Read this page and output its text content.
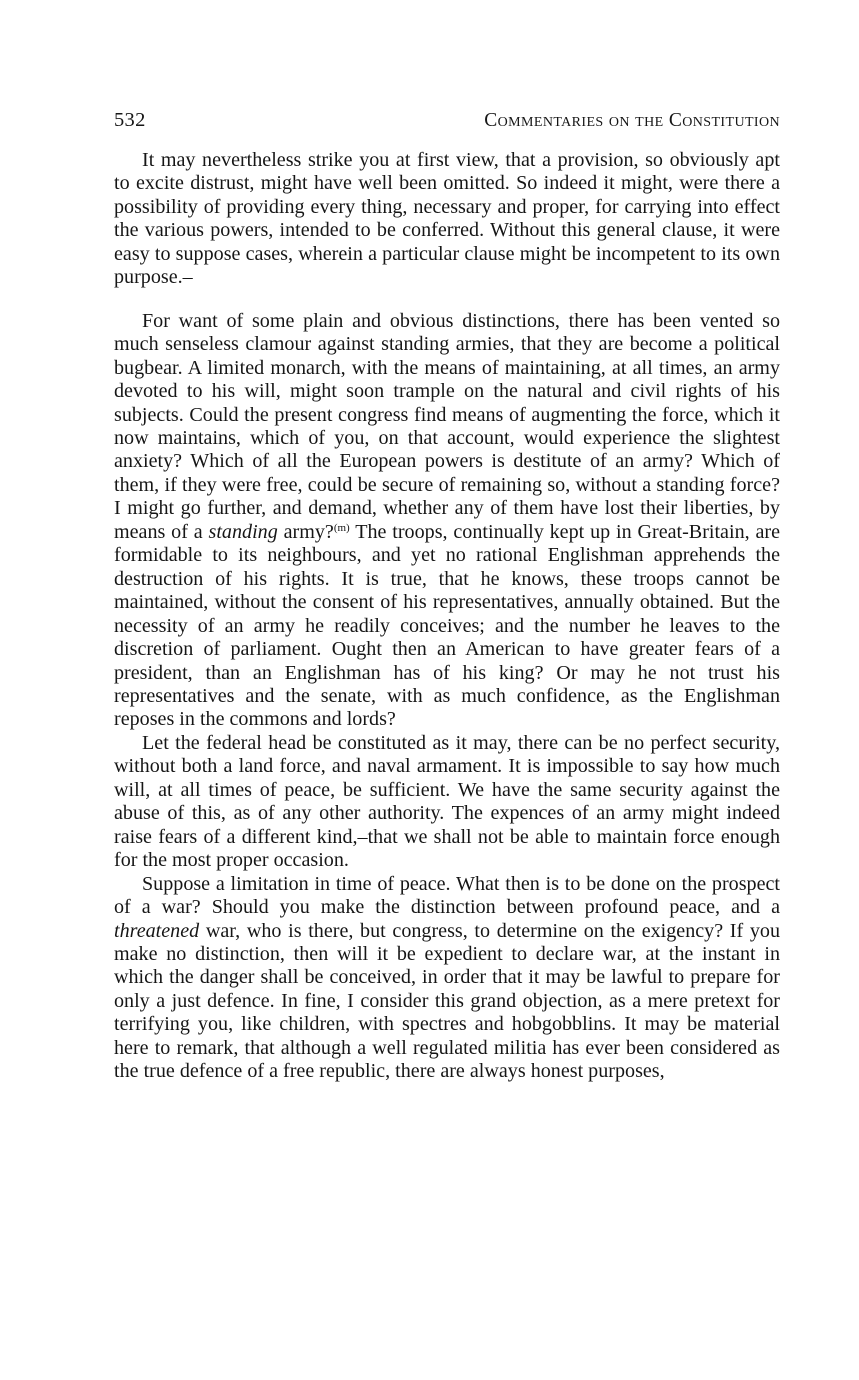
532	Commentaries on the Constitution

It may nevertheless strike you at first view, that a provision, so obviously apt to excite distrust, might have well been omitted. So indeed it might, were there a possibility of providing every thing, necessary and proper, for carrying into effect the various powers, intended to be conferred. Without this general clause, it were easy to suppose cases, wherein a particular clause might be incompetent to its own purpose.–

For want of some plain and obvious distinctions, there has been vented so much senseless clamour against standing armies, that they are become a political bugbear. A limited monarch, with the means of maintaining, at all times, an army devoted to his will, might soon trample on the natural and civil rights of his subjects. Could the present congress find means of augmenting the force, which it now maintains, which of you, on that account, would experience the slightest anxiety? Which of all the European powers is destitute of an army? Which of them, if they were free, could be secure of remaining so, without a standing force? I might go further, and demand, whether any of them have lost their liberties, by means of a standing army?$^{(m)}$ The troops, continually kept up in Great-Britain, are formidable to its neighbours, and yet no rational Englishman apprehends the destruction of his rights. It is true, that he knows, these troops cannot be maintained, without the consent of his representatives, annually obtained. But the necessity of an army he readily conceives; and the number he leaves to the discretion of parliament. Ought then an American to have greater fears of a president, than an Englishman has of his king? Or may he not trust his representatives and the senate, with as much confidence, as the Englishman reposes in the commons and lords?

Let the federal head be constituted as it may, there can be no perfect security, without both a land force, and naval armament. It is impossible to say how much will, at all times of peace, be sufficient. We have the same security against the abuse of this, as of any other authority. The expences of an army might indeed raise fears of a different kind,–that we shall not be able to maintain force enough for the most proper occasion.

Suppose a limitation in time of peace. What then is to be done on the prospect of a war? Should you make the distinction between profound peace, and a threatened war, who is there, but congress, to determine on the exigency? If you make no distinction, then will it be expedient to declare war, at the instant in which the danger shall be conceived, in order that it may be lawful to prepare for only a just defence. In fine, I consider this grand objection, as a mere pretext for terrifying you, like children, with spectres and hobgobblins. It may be material here to remark, that although a well regulated militia has ever been considered as the true defence of a free republic, there are always honest purposes,
